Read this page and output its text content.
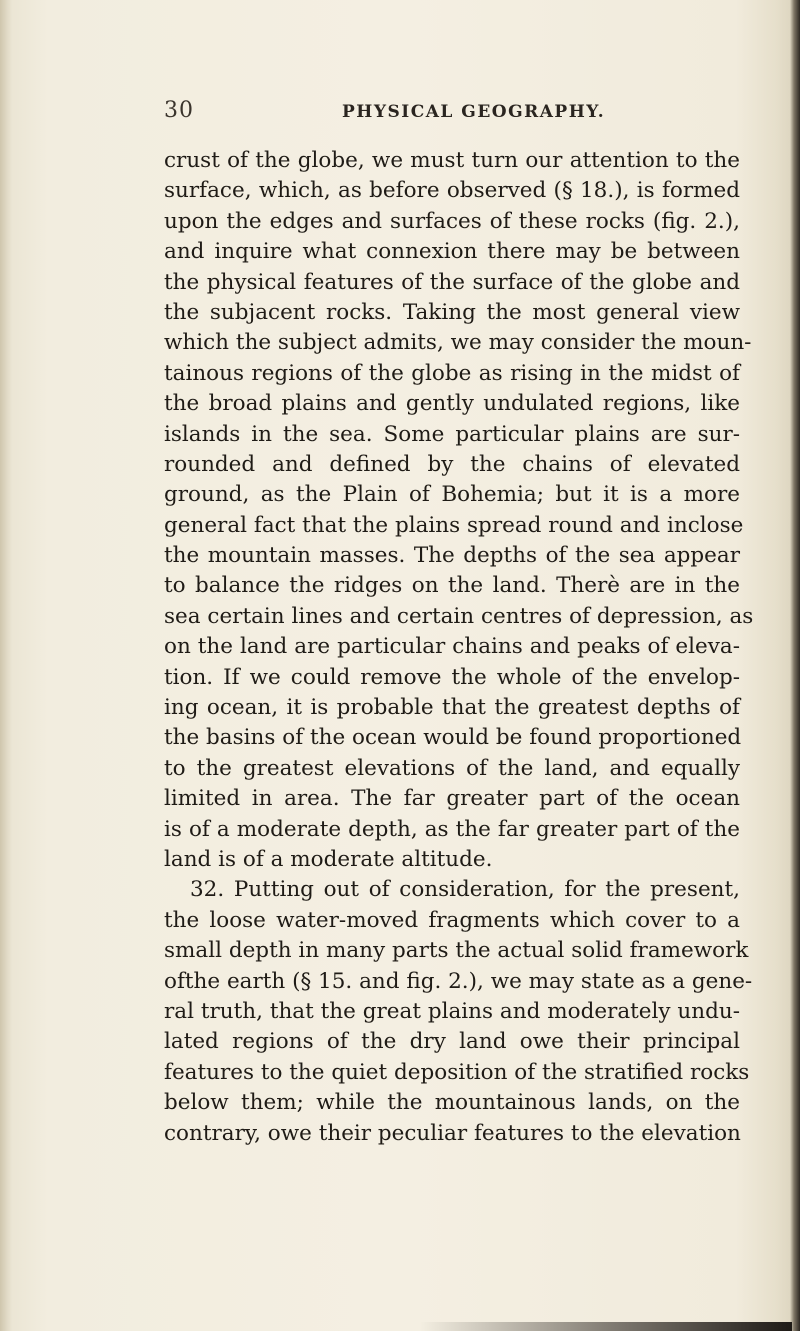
30	PHYSICAL GEOGRAPHY.
crust of the globe, we must turn our attention to the
surface, which, as before observed (§ 18.), is formed
upon the edges and surfaces of these rocks (fig. 2.),
and inquire what connexion there may be between
the physical features of the surface of the globe and
the subjacent rocks. Taking the most general view
which the subject admits, we may consider the moun-
tainous regions of the globe as rising in the midst of
the broad plains and gently undulated regions, like
islands in the sea. Some particular plains are sur-
rounded and defined by the chains of elevated
ground, as the Plain of Bohemia; but it is a more
general fact that the plains spread round and inclose
the mountain masses. The depths of the sea appear
to balance the ridges on the land. Therè are in the
sea certain lines and certain centres of depression, as
on the land are particular chains and peaks of eleva-
tion. If we could remove the whole of the envelop-
ing ocean, it is probable that the greatest depths of
the basins of the ocean would be found proportioned
to the greatest elevations of the land, and equally
limited in area. The far greater part of the ocean
is of a moderate depth, as the far greater part of the
land is of a moderate altitude.
32. Putting out of consideration, for the present,
the loose water-moved fragments which cover to a
small depth in many parts the actual solid framework
ofthe earth (§ 15. and fig. 2.), we may state as a gene-
ral truth, that the great plains and moderately undu-
lated regions of the dry land owe their principal
features to the quiet deposition of the stratified rocks
below them; while the mountainous lands, on the
contrary, owe their peculiar features to the elevation
